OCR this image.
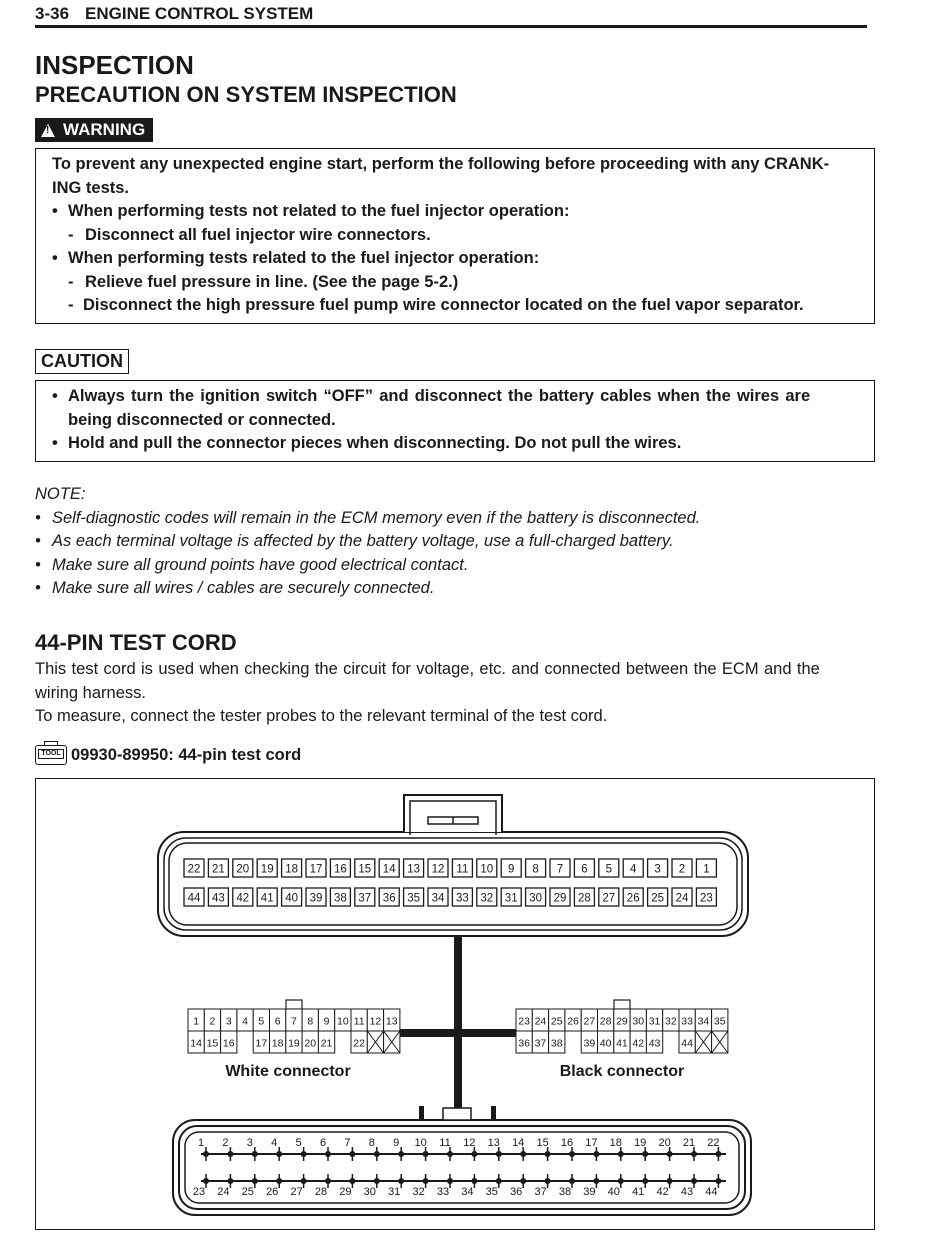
3-36 ENGINE CONTROL SYSTEM
INSPECTION
PRECAUTION ON SYSTEM INSPECTION
! WARNING
To prevent any unexpected engine start, perform the following before proceeding with any CRANK-
ING tests.
• When performing tests not related to the fuel injector operation:
- Disconnect all fuel injector wire connectors.
• When performing tests related to the fuel injector operation:
- Relieve fuel pressure in line. (See the page 5-2.)
- Disconnect the high pressure fuel pump wire connector located on the fuel vapor separator.
CAUTION
• Always turn the ignition switch “OFF” and disconnect the battery cables when the wires are
being disconnected or connected.
• Hold and pull the connector pieces when disconnecting. Do not pull the wires.
NOTE:
• Self-diagnostic codes will remain in the ECM memory even if the battery is disconnected.
• As each terminal voltage is affected by the battery voltage, use a full-charged battery.
• Make sure all ground points have good electrical contact.
• Make sure all wires / cables are securely connected.
44-PIN TEST CORD
This test cord is used when checking the circuit for voltage, etc. and connected between the ECM and the
wiring harness.
To measure, connect the tester probes to the relevant terminal of the test cord.
TOOL 09930-89950: 44-pin test cord
22 21 20 19 18 17 16 15 14 13 12 11 10 9 8 7 6 5 4 3 2 1
44 43 42 41 40 39 38 37 36 35 34 33 32 31 30 29 28 27 26 25 24 23
1 2 3 4 5 6 7 8 9 10 11 12 13
14 15 16 17 18 19 20 21 22
23 24 25 26 27 28 29 30 31 32 33 34 35
36 37 38 39 40 41 42 43 44
1 2 3 4 5 6 7 8 9 10 11 12 13 14 15 16 17 18 19 20 21 22
23 24 25 26 27 28 29 30 31 32 33 34 35 36 37 38 39 40 41 42 43 44
White connector	Black connector
